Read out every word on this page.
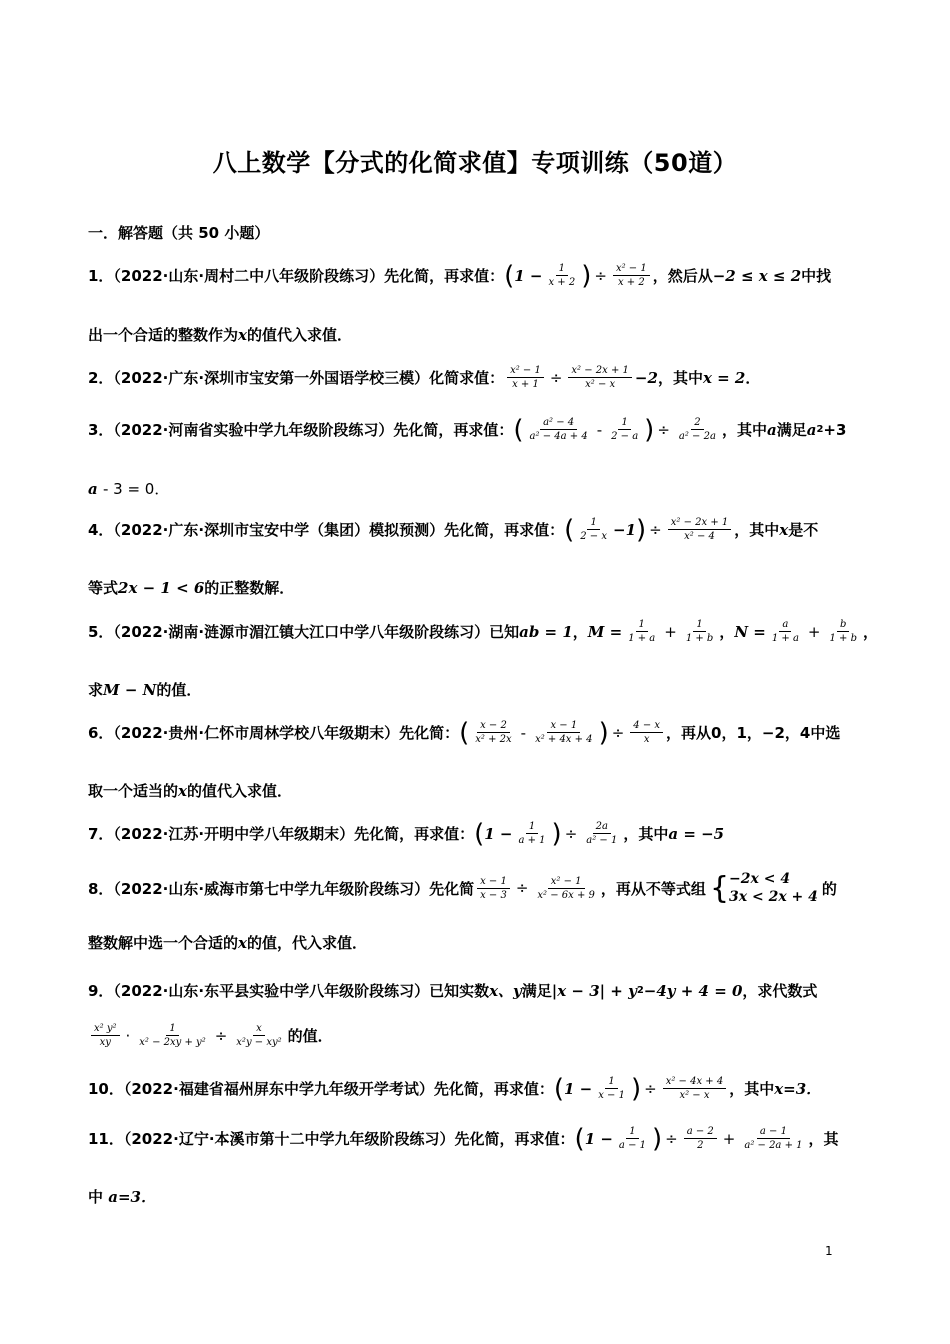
八上数学【分式的化简求值】专项训练（50道）
一．解答题（共 50 小题）
1．（2022·山东·周村二中八年级阶段练习）先化简，再求值： ( $1 - \frac{1}{x + 2}$ ) ÷ $\frac{\text{x² − 1}}{x + 2}$ ，然后从 −2 ≤ x ≤ 2 中找
出一个合适的整数作为 x 的值代入求值．
2．（2022·广东·深圳市宝安第一外国语学校三模）化简求值： $\frac{\text{x² − 1}}{x + 1} \div \frac{\text{x² − 2x + 1}}{\text{x² − x}} -2$ ，其中 x = 2 ．
3．（2022·河南省实验中学九年级阶段练习）先化简，再求值： ( $\frac{\text{a² − 4}}{\text{a² − 4a + 4}} - \frac{1}{2 - a}$ ) ÷ $\frac{2}{\text{a² − 2a}}$ ，其中 a 满足 a 2 +3
a
- 3 = 0．
4．（2022·广东·深圳市宝安中学（集团）模拟预测）先化简，再求值： ( $\frac{1}{2 - x} -1$ ) ÷ $\frac{\text{x² − 2x + 1}}{\text{x² − 4}}$ ，其中 x 是不
等式 2x − 1 < 6 的正整数解．
5．（2022·湖南·涟源市湄江镇大江口中学八年级阶段练习）已知 ab = 1 ， $M = \frac{1}{1 + a} + \frac{1}{1 + b}$ ， $N = \frac{a}{1 + a} + \frac{b}{1 + b}$ ，
求 M − N 的值．
6．（2022·贵州·仁怀市周林学校八年级期末）先化简： ( $\frac{x - 2}{\text{x² + 2x}} - \frac{x - 1}{\text{x² + 4x + 4}}$ ) ÷ $\frac{4 - x}{x}$ ，再从0，1，−2，4中选
取一个适当的 x 的值代入求值．
7．（2022·江苏·开明中学八年级期末）先化简，再求值： ( $1 - \frac{1}{a + 1}$ ) ÷ $\frac{2a}{\text{a² − 1}}$ ，其中 a = −5
8．（2022·山东·威海市第七中学九年级阶段练习）先化简 $\frac{x - 1}{x - 3} \div \frac{\text{x² − 1}}{\text{x² − 6x + 9}}$ ，再从不等式组 { −2x < 4
3x < 2x + 4 的
整数解中选一个合适的 x 的值，代入求值．
9．（2022·山东·东平县实验中学八年级阶段练习）已知实数 x、y 满足 |x − 3| + y 2 −4y + 4 = 0 ，求代数式
$\frac{\text{x² y²}}{xy} \cdot \frac{1}{\text{x² − 2xy + y²}} \div \frac{x}{\text{x²y − xy²}}$ 的值．
10．（2022·福建省福州屏东中学九年级开学考试）先化简，再求值： ( $1 - \frac{1}{x - 1}$ ) ÷ $\frac{\text{x² − 4x + 4}}{\text{x² − x}}$ ，其中 x=3．
11．（2022·辽宁·本溪市第十二中学九年级阶段练习）先化简，再求值： ( $1 - \frac{1}{a - 1}$ ) ÷ $\frac{a - 2}{2} + \frac{a - 1}{\text{a² − 2a + 1}}$ ，其
中
a=3．
1
